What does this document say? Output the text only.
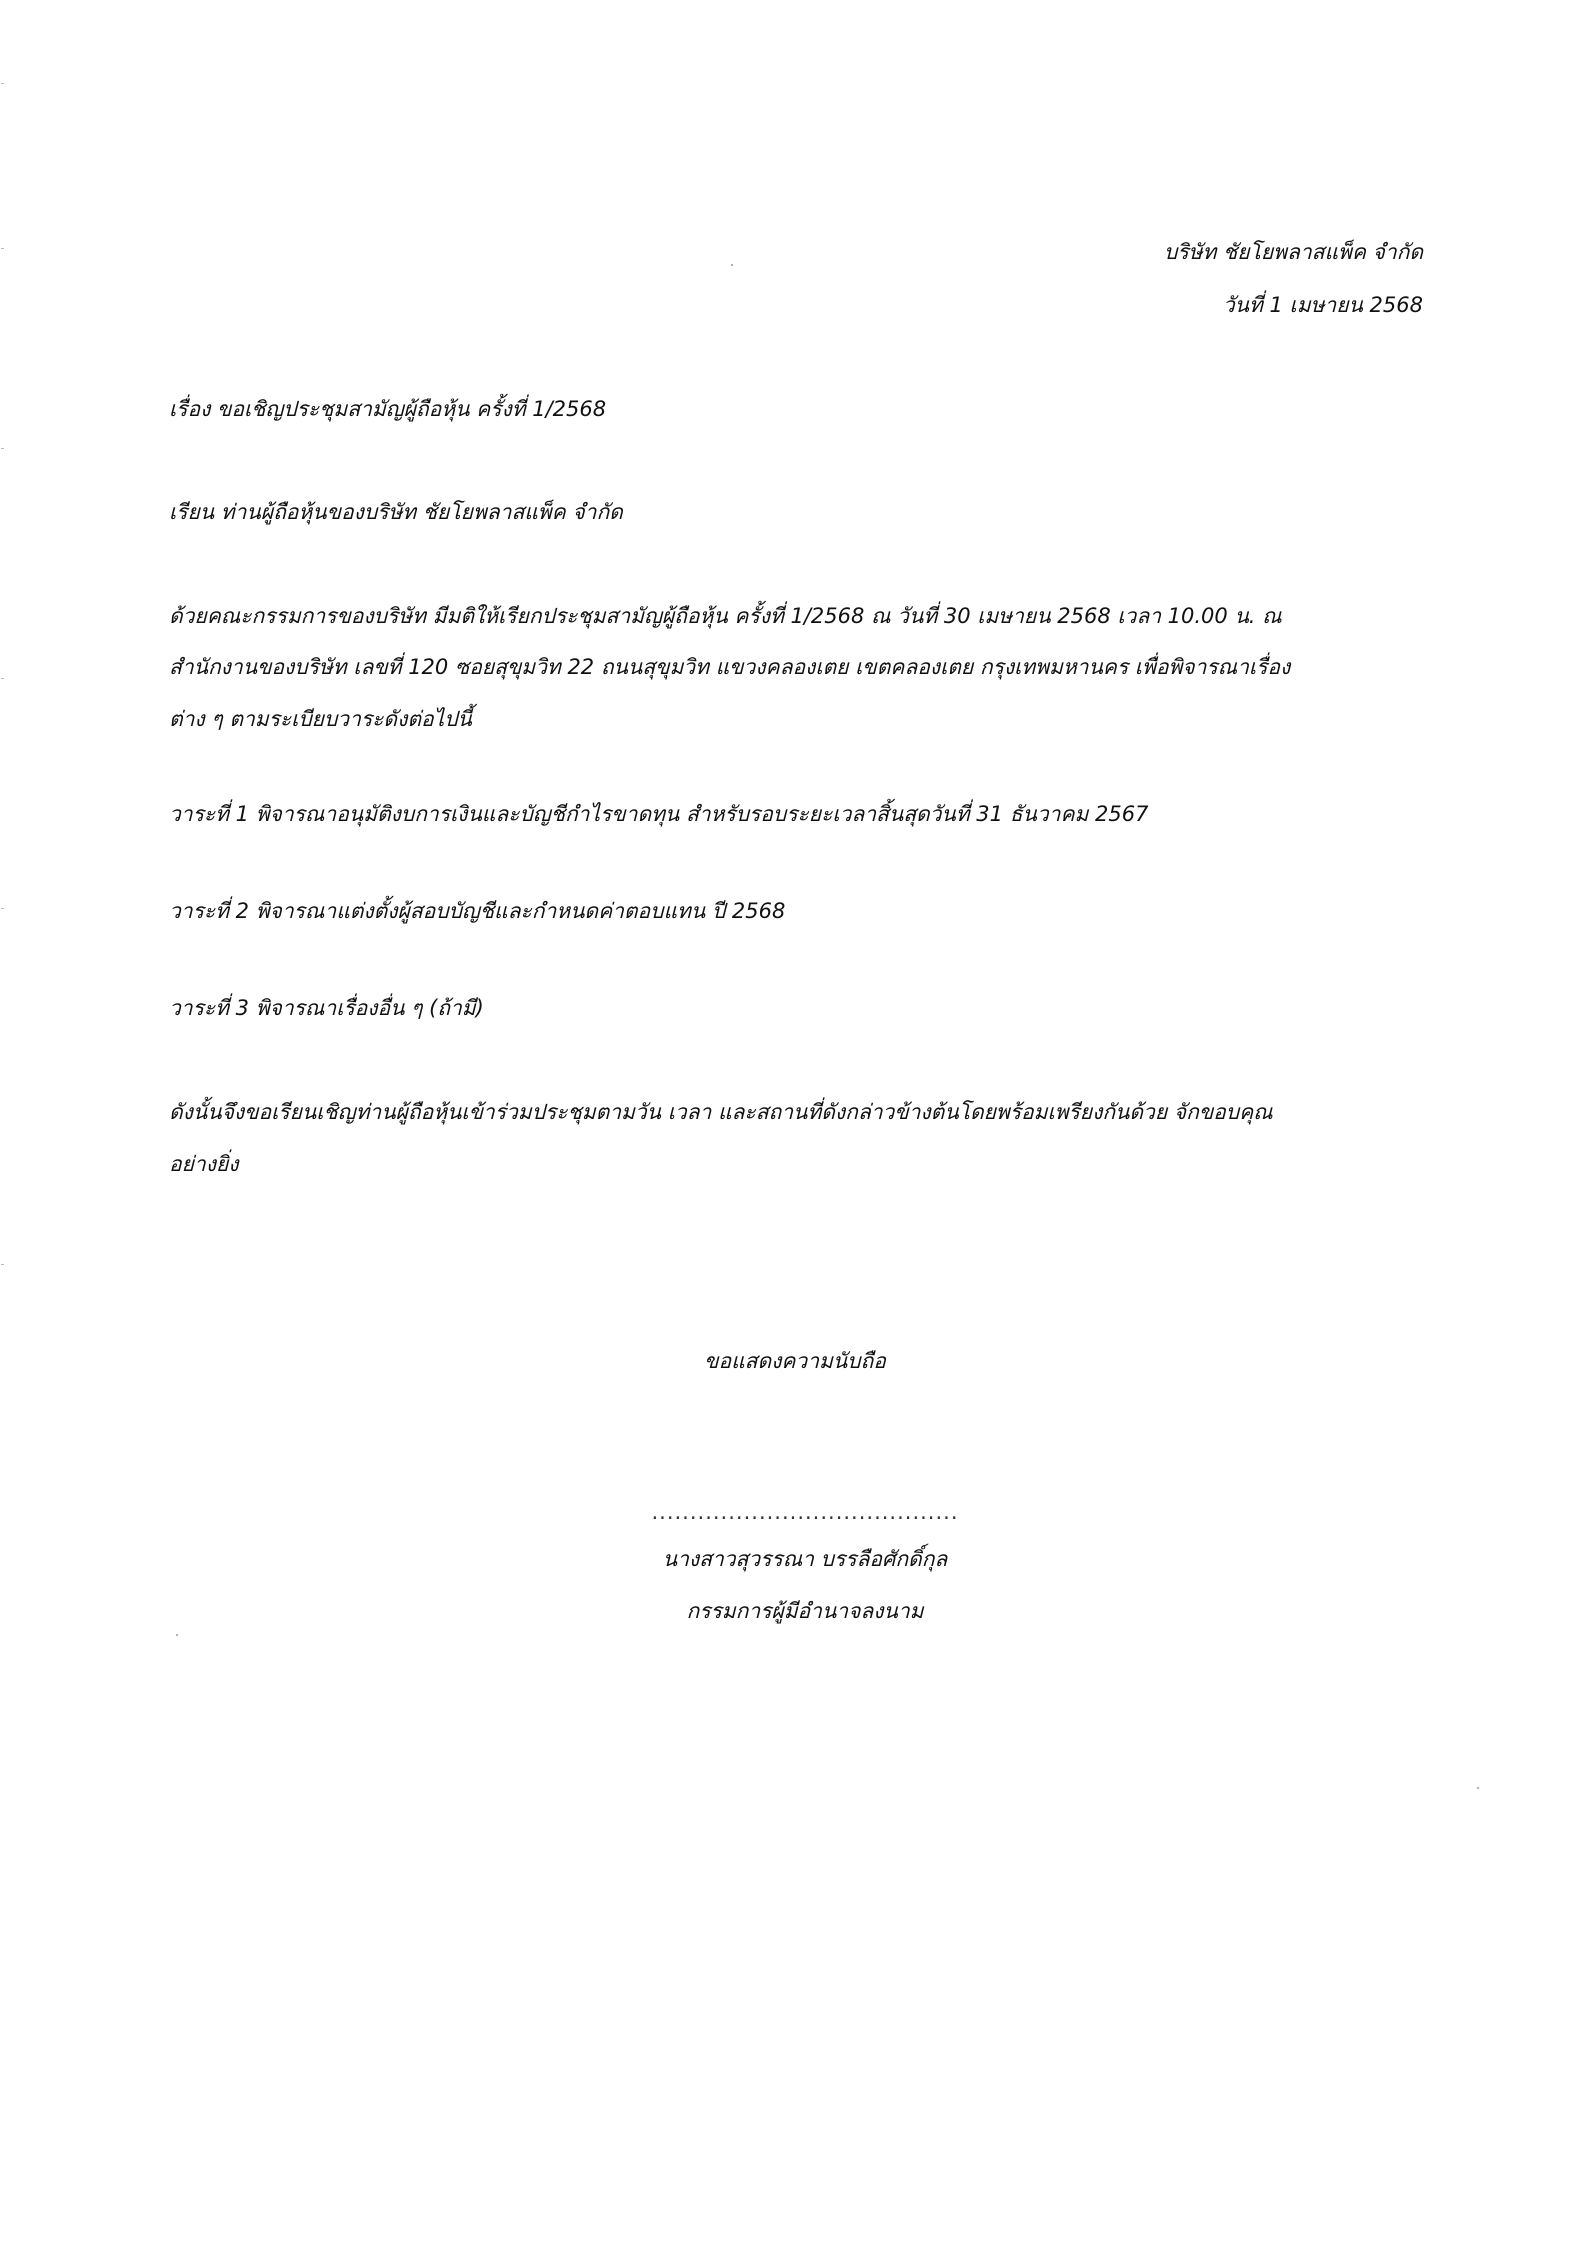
บริษัท ชัยโยพลาสแพ็ค จำกัด
วันที่ 1 เมษายน 2568
เรื่อง ขอเชิญประชุมสามัญผู้ถือหุ้น ครั้งที่ 1/2568
เรียน ท่านผู้ถือหุ้นของบริษัท ชัยโยพลาสแพ็ค จำกัด
ด้วยคณะกรรมการของบริษัท มีมติให้เรียกประชุมสามัญผู้ถือหุ้น ครั้งที่ 1/2568 ณ วันที่ 30 เมษายน 2568 เวลา 10.00 น. ณ
สำนักงานของบริษัท เลขที่ 120 ซอยสุขุมวิท 22 ถนนสุขุมวิท แขวงคลองเตย เขตคลองเตย กรุงเทพมหานคร เพื่อพิจารณาเรื่อง
ต่าง ๆ ตามระเบียบวาระดังต่อไปนี้
วาระที่ 1 พิจารณาอนุมัติงบการเงินและบัญชีกำไรขาดทุน สำหรับรอบระยะเวลาสิ้นสุดวันที่ 31 ธันวาคม 2567
วาระที่ 2 พิจารณาแต่งตั้งผู้สอบบัญชีและกำหนดค่าตอบแทน ปี 2568
วาระที่ 3 พิจารณาเรื่องอื่น ๆ (ถ้ามี)
ดังนั้นจึงขอเรียนเชิญท่านผู้ถือหุ้นเข้าร่วมประชุมตามวัน เวลา และสถานที่ดังกล่าวข้างต้นโดยพร้อมเพรียงกันด้วย จักขอบคุณ
อย่างยิ่ง
ขอแสดงความนับถือ
........................................
นางสาวสุวรรณา บรรลือศักดิ์กุล
กรรมการผู้มีอำนาจลงนาม
